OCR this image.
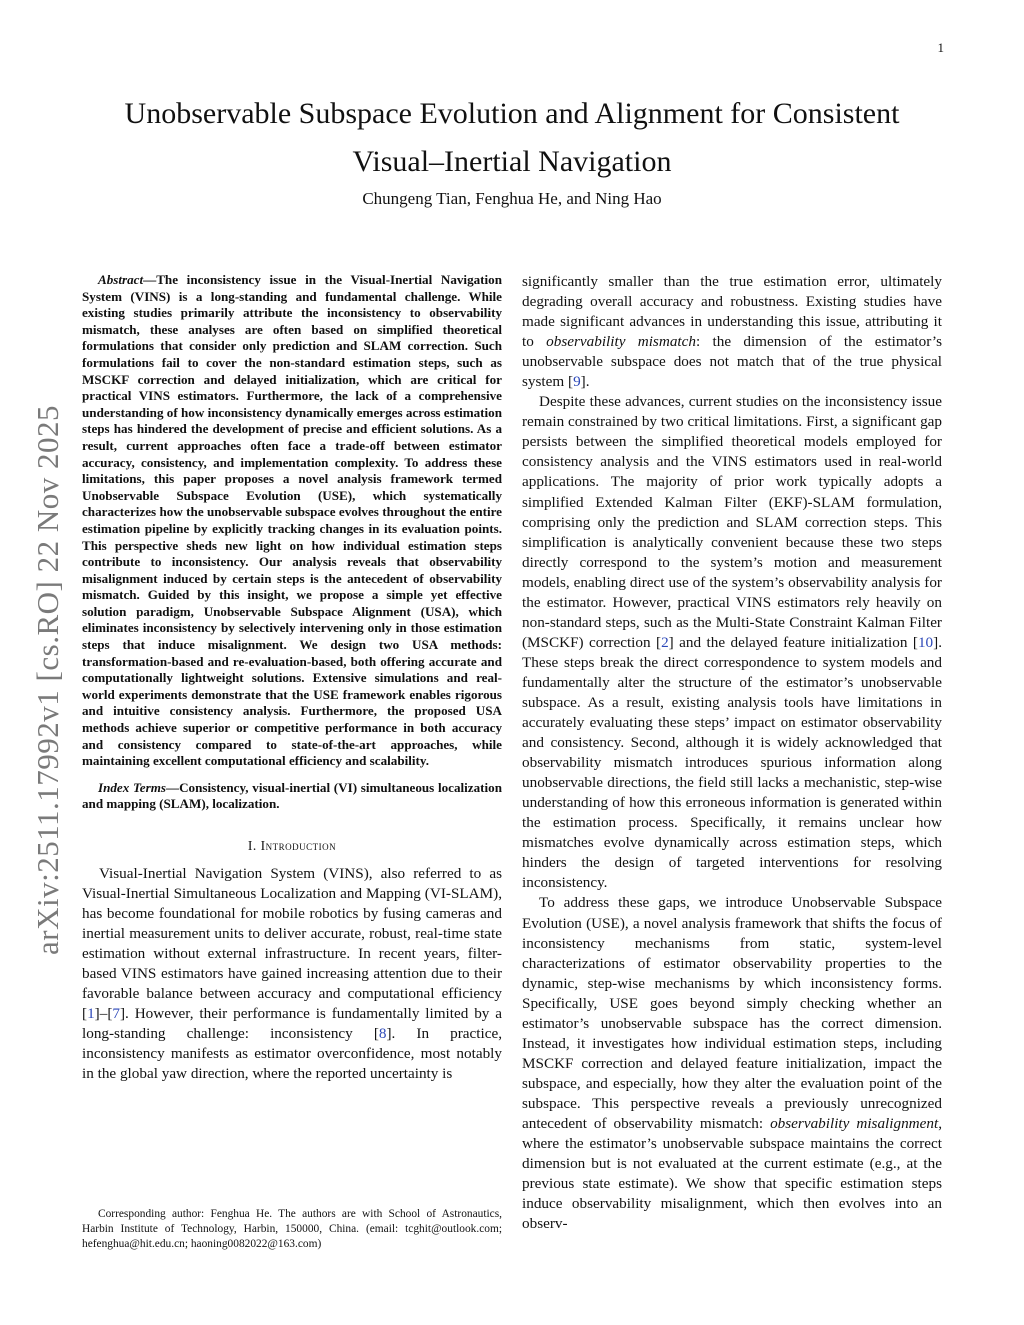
1
arXiv:2511.17992v1 [cs.RO] 22 Nov 2025
Unobservable Subspace Evolution and Alignment for Consistent
Visual–Inertial Navigation
Chungeng Tian, Fenghua He, and Ning Hao

Abstract—The inconsistency issue in the Visual-Inertial Navigation System (VINS) is a long-standing and fundamental challenge. While existing studies primarily attribute the inconsistency to observability mismatch, these analyses are often based on simplified theoretical formulations that consider only prediction and SLAM correction. Such formulations fail to cover the non-standard estimation steps, such as MSCKF correction and delayed initialization, which are critical for practical VINS estimators. Furthermore, the lack of a comprehensive understanding of how inconsistency dynamically emerges across estimation steps has hindered the development of precise and efficient solutions. As a result, current approaches often face a trade-off between estimator accuracy, consistency, and implementation complexity. To address these limitations, this paper proposes a novel analysis framework termed Unobservable Subspace Evolution (USE), which systematically characterizes how the unobservable subspace evolves throughout the entire estimation pipeline by explicitly tracking changes in its evaluation points. This perspective sheds new light on how individual estimation steps contribute to inconsistency. Our analysis reveals that observability misalignment induced by certain steps is the antecedent of observability mismatch. Guided by this insight, we propose a simple yet effective solution paradigm, Unobservable Subspace Alignment (USA), which eliminates inconsistency by selectively intervening only in those estimation steps that induce misalignment. We design two USA methods: transformation-based and re-evaluation-based, both offering accurate and computationally lightweight solutions. Extensive simulations and real-world experiments demonstrate that the USE framework enables rigorous and intuitive consistency analysis. Furthermore, the proposed USA methods achieve superior or competitive performance in both accuracy and consistency compared to state-of-the-art approaches, while maintaining excellent computational efficiency and scalability.

Index Terms—Consistency, visual-inertial (VI) simultaneous localization and mapping (SLAM), localization.

I. Introduction

Visual-Inertial Navigation System (VINS), also referred to as Visual-Inertial Simultaneous Localization and Mapping (VI-SLAM), has become foundational for mobile robotics by fusing cameras and inertial measurement units to deliver accurate, robust, real-time state estimation without external infrastructure. In recent years, filter-based VINS estimators have gained increasing attention due to their favorable balance between accuracy and computational efficiency [1]–[7]. However, their performance is fundamentally limited by a long-standing challenge: inconsistency [8]. In practice, inconsistency manifests as estimator overconfidence, most notably in the global yaw direction, where the reported uncertainty is

Corresponding author: Fenghua He. The authors are with School of Astronautics, Harbin Institute of Technology, Harbin, 150000, China. (email: tcghit@outlook.com; hefenghua@hit.edu.cn; haoning0082022@163.com)

significantly smaller than the true estimation error, ultimately degrading overall accuracy and robustness. Existing studies have made significant advances in understanding this issue, attributing it to observability mismatch: the dimension of the estimator’s unobservable subspace does not match that of the true physical system [9].

Despite these advances, current studies on the inconsistency issue remain constrained by two critical limitations. First, a significant gap persists between the simplified theoretical models employed for consistency analysis and the VINS estimators used in real-world applications. The majority of prior work typically adopts a simplified Extended Kalman Filter (EKF)-SLAM formulation, comprising only the prediction and SLAM correction steps. This simplification is analytically convenient because these two steps directly correspond to the system’s motion and measurement models, enabling direct use of the system’s observability analysis for the estimator. However, practical VINS estimators rely heavily on non-standard steps, such as the Multi-State Constraint Kalman Filter (MSCKF) correction [2] and the delayed feature initialization [10]. These steps break the direct correspondence to system models and fundamentally alter the structure of the estimator’s unobservable subspace. As a result, existing analysis tools have limitations in accurately evaluating these steps’ impact on estimator observability and consistency. Second, although it is widely acknowledged that observability mismatch introduces spurious information along unobservable directions, the field still lacks a mechanistic, step-wise understanding of how this erroneous information is generated within the estimation process. Specifically, it remains unclear how mismatches evolve dynamically across estimation steps, which hinders the design of targeted interventions for resolving inconsistency.

To address these gaps, we introduce Unobservable Subspace Evolution (USE), a novel analysis framework that shifts the focus of inconsistency mechanisms from static, system-level characterizations of estimator observability properties to the dynamic, step-wise mechanisms by which inconsistency forms. Specifically, USE goes beyond simply checking whether an estimator’s unobservable subspace has the correct dimension. Instead, it investigates how individual estimation steps, including MSCKF correction and delayed feature initialization, impact the subspace, and especially, how they alter the evaluation point of the subspace. This perspective reveals a previously unrecognized antecedent of observability mismatch: observability misalignment, where the estimator’s unobservable subspace maintains the correct dimension but is not evaluated at the current estimate (e.g., at the previous state estimate). We show that specific estimation steps induce observability misalignment, which then evolves into an observ-
